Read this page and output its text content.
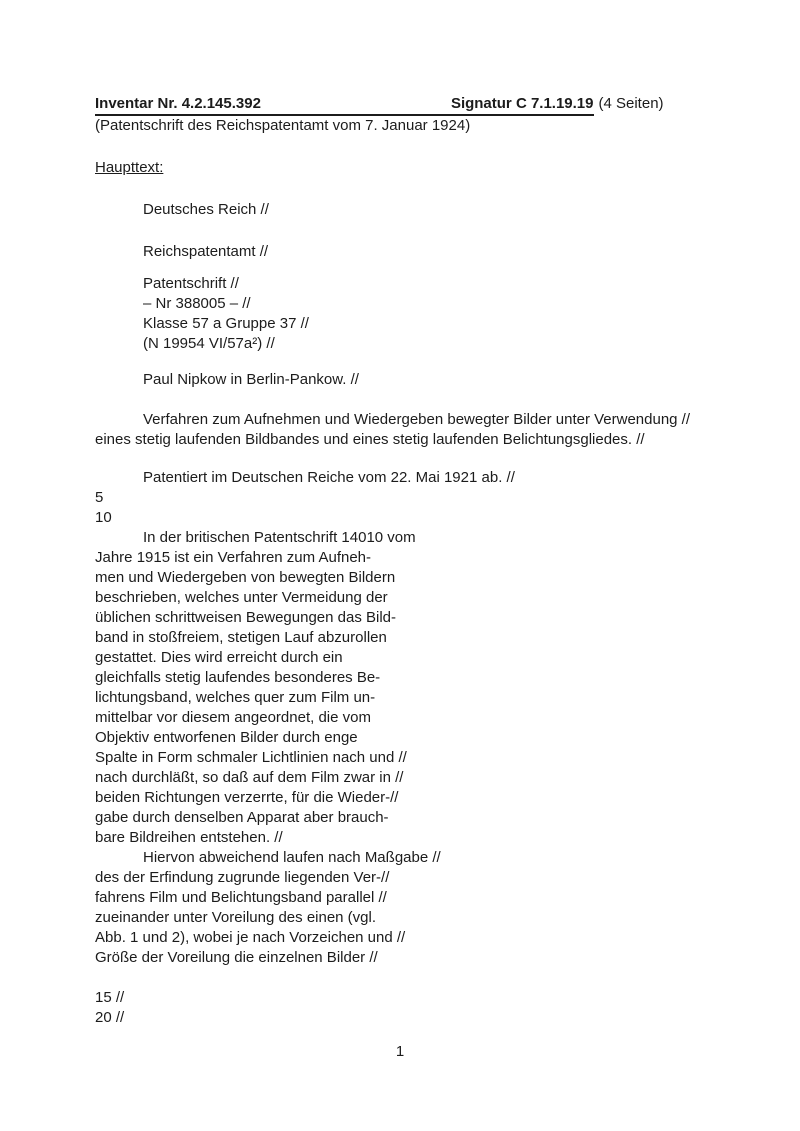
Inventar Nr. 4.2.145.392	Signatur C 7.1.19.19 (4 Seiten)
(Patentschrift des Reichspatentamt vom 7. Januar 1924)
Haupttext:
Deutsches Reich //
Reichspatentamt //
Patentschrift //
– Nr 388005 – //
Klasse 57 a Gruppe 37 //
(N 19954 VI/57a²) //
Paul Nipkow in Berlin-Pankow. //
Verfahren zum Aufnehmen und Wiedergeben bewegter Bilder unter Verwendung //
eines stetig laufenden Bildbandes und eines stetig laufenden Belichtungsgliedes. //
Patentiert im Deutschen Reiche vom 22. Mai 1921 ab. //
5
10
In der britischen Patentschrift 14010 vom
Jahre 1915 ist ein Verfahren zum Aufneh-
men und Wiedergeben von bewegten Bildern
beschrieben, welches unter Vermeidung der
üblichen schrittweisen Bewegungen das Bild-
band in stoßfreiem, stetigen Lauf abzurollen
gestattet. Dies wird erreicht durch ein
gleichfalls stetig laufendes besonderes Be-
lichtungsband, welches quer zum Film un-
mittelbar vor diesem angeordnet, die vom
Objektiv entworfenen Bilder durch enge
Spalte in Form schmaler Lichtlinien nach und //
nach durchläßt, so daß auf dem Film zwar in //
beiden Richtungen verzerrte, für die Wieder-//
gabe durch denselben Apparat aber brauch-
bare Bildreihen entstehen. //
Hiervon abweichend laufen nach Maßgabe //
des der Erfindung zugrunde liegenden Ver-//
fahrens Film und Belichtungsband parallel //
zueinander unter Voreilung des einen (vgl.
Abb. 1 und 2), wobei je nach Vorzeichen und //
Größe der Voreilung die einzelnen Bilder //
15 //
20 //
1
